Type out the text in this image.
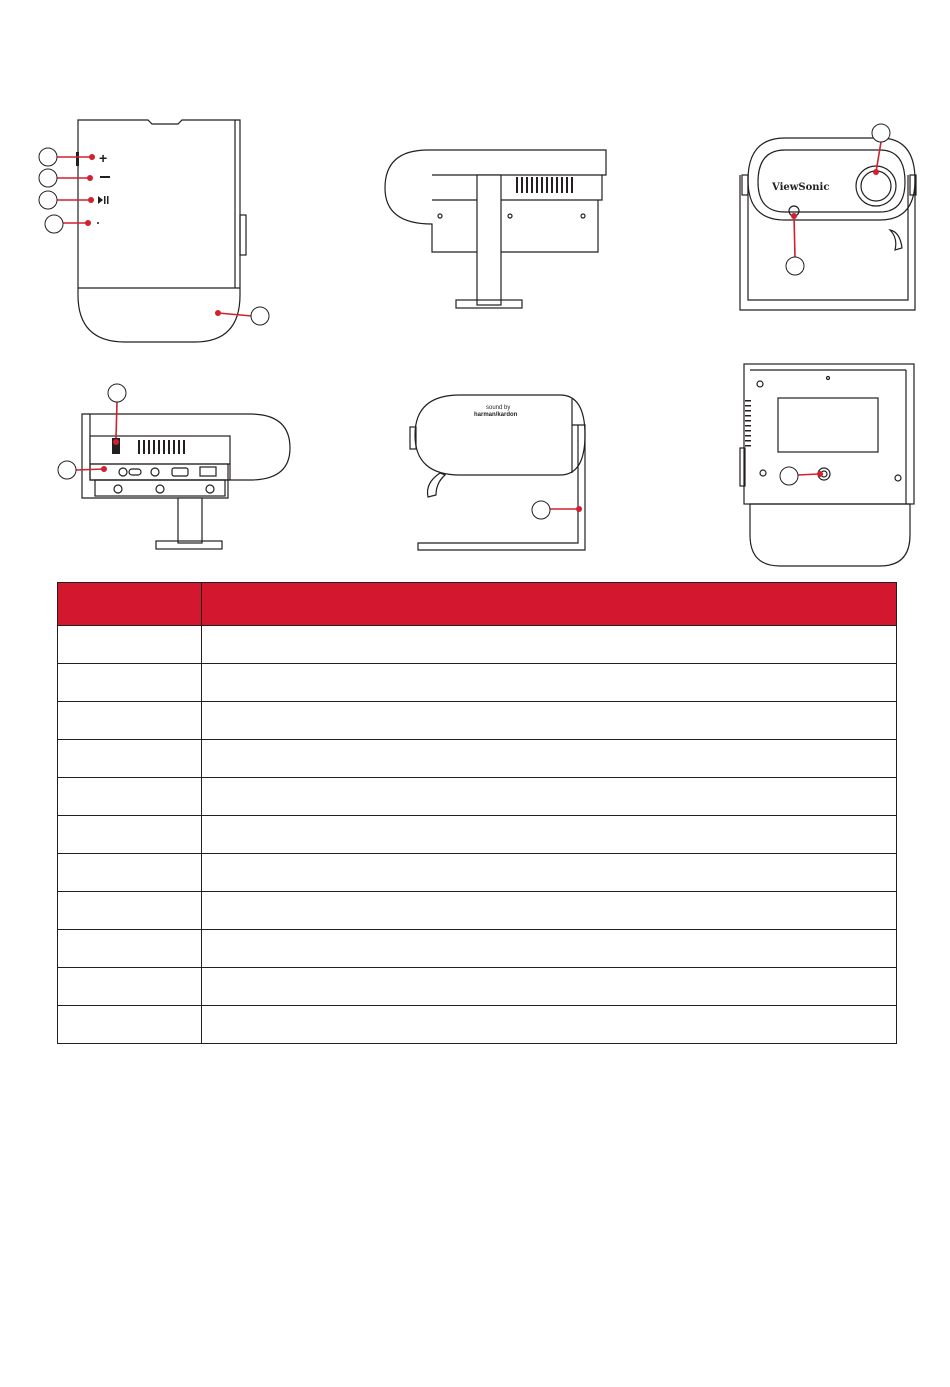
+
ViewSonic
sound by
harman/kardon
